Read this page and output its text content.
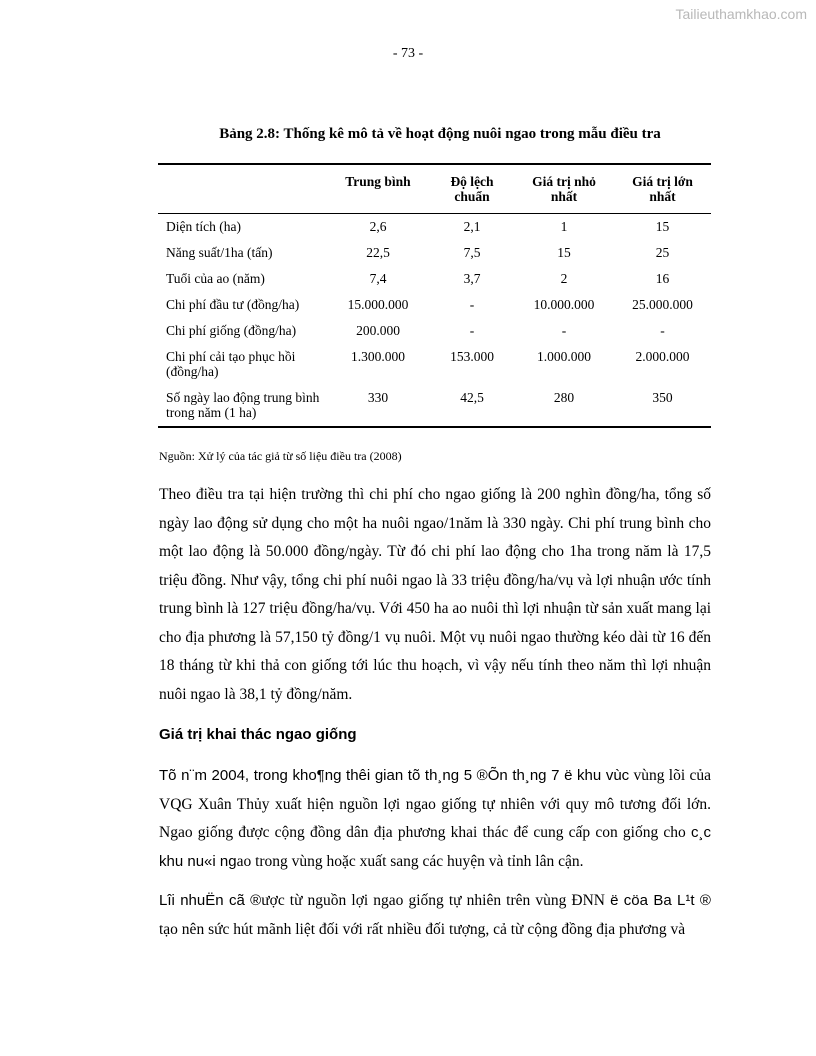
Tailieuthamkhao.com
- 73 -
Bảng 2.8: Thống kê mô tả về hoạt động nuôi ngao trong mẫu điều tra
	Trung bình	Độ lệch chuẩn	Giá trị nhỏ nhất	Giá trị lớn nhất
Diện tích (ha)	2,6	2,1	1	15
Năng suất/1ha (tấn)	22,5	7,5	15	25
Tuổi của ao (năm)	7,4	3,7	2	16
Chi phí đầu tư (đồng/ha)	15.000.000	-	10.000.000	25.000.000
Chi phí giống (đồng/ha)	200.000	-	-	-
Chi phí cải tạo phục hồi (đồng/ha)	1.300.000	153.000	1.000.000	2.000.000
Số ngày lao động trung bình trong năm (1 ha)	330	42,5	280	350
Nguồn: Xử lý của tác giả từ số liệu điều tra (2008)

Theo điều tra tại hiện trường thì chi phí cho ngao giống là 200 nghìn đồng/ha, tổng số ngày lao động sử dụng cho một ha nuôi ngao/1năm là 330 ngày. Chi phí trung bình cho một lao động là 50.000 đồng/ngày. Từ đó chi phí lao động cho 1ha trong năm là 17,5 triệu đồng. Như vậy, tổng chi phí nuôi ngao là 33 triệu đồng/ha/vụ và lợi nhuận ước tính trung bình là 127 triệu đồng/ha/vụ. Với 450 ha ao nuôi thì lợi nhuận từ sản xuất mang lại cho địa phương là 57,150 tỷ đồng/1 vụ nuôi. Một vụ nuôi ngao thường kéo dài từ 16 đến 18 tháng từ khi thả con giống tới lúc thu hoạch, vì vậy nếu tính theo năm thì lợi nhuận nuôi ngao là 38,1 tỷ đồng/năm.

Giá trị khai thác ngao giống

Tõ n¨m 2004, trong kho¶ng thêi gian tõ th¸ng 5 ®Õn th¸ng 7 ë khu vùc vùng lõi của VQG Xuân Thủy xuất hiện nguồn lợi ngao giống tự nhiên với quy mô tương đối lớn. Ngao giống được cộng đồng dân địa phương khai thác để cung cấp con giống cho c¸c khu nu«i ngao trong vùng hoặc xuất sang các huyện và tỉnh lân cận.

Lîi nhuËn cã ®ược từ nguồn lợi ngao giống tự nhiên trên vùng ĐNN ë cöa Ba L¹t ® tạo nên sức hút mãnh liệt đối với rất nhiều đối tượng, cả từ cộng đồng địa phương và
